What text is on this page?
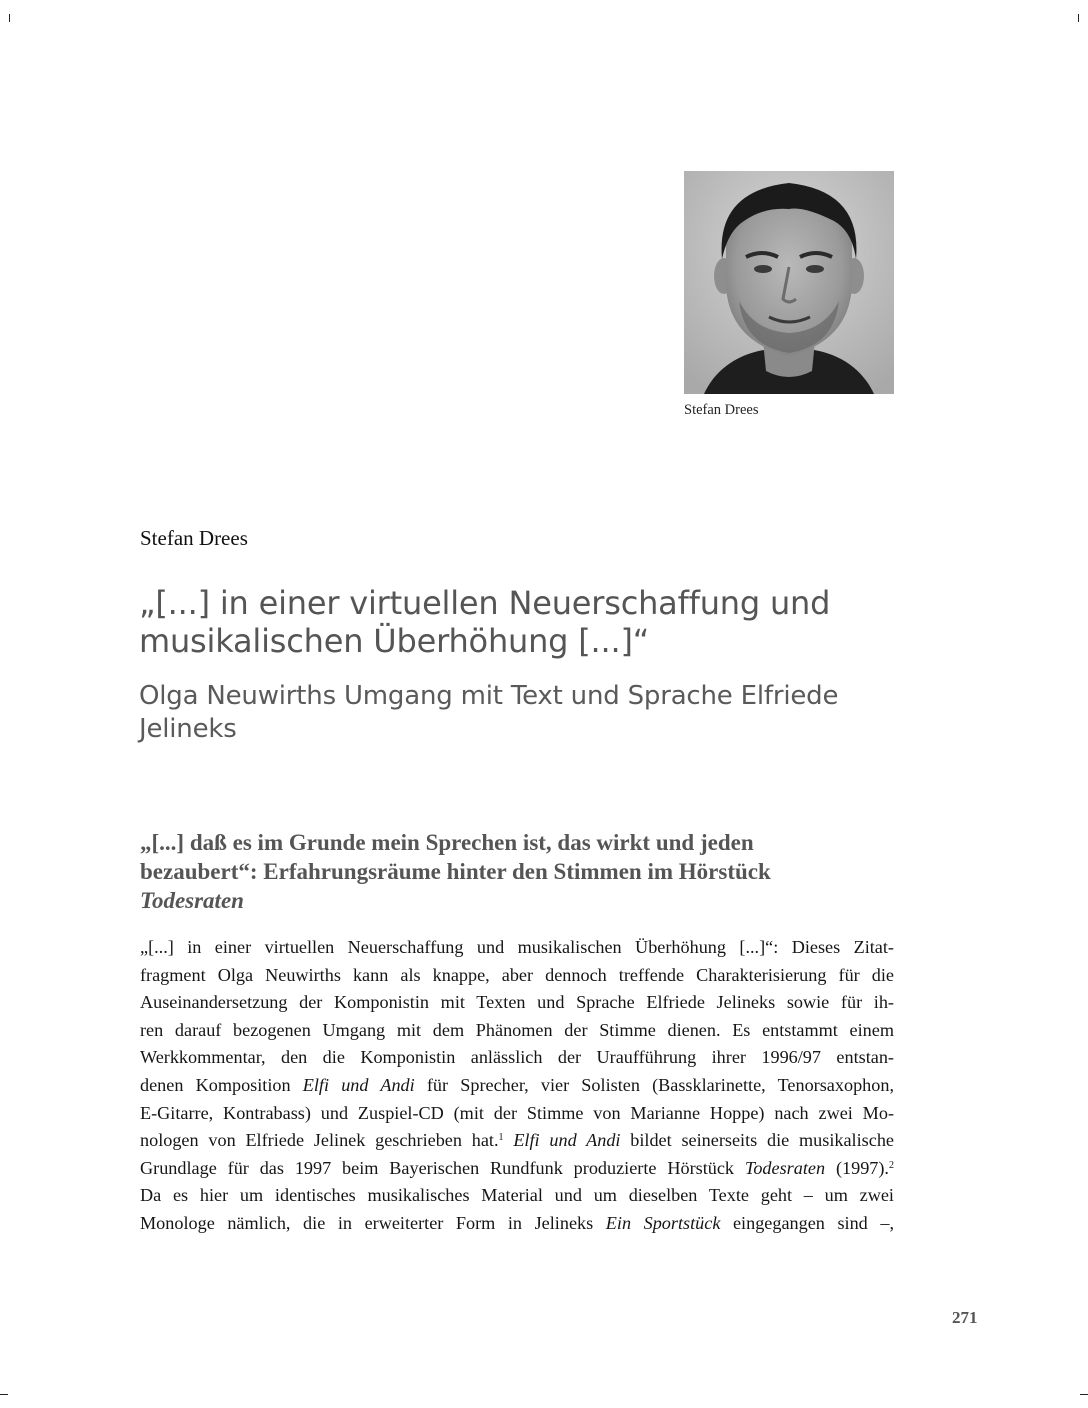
Stefan Drees
Stefan Drees
„[...] in einer virtuellen Neuerschaffung und
musikalischen Überhöhung [...]“
Olga Neuwirths Umgang mit Text und Sprache Elfriede
Jelineks
„[...] daß es im Grunde mein Sprechen ist, das wirkt und jeden
bezaubert“: Erfahrungsräume hinter den Stimmen im Hörstück
Todesraten

„[...] in einer virtuellen Neuerschaffung und musikalischen Überhöhung [...]“: Dieses Zitat-
fragment Olga Neuwirths kann als knappe, aber dennoch treffende Charakterisierung für die
Auseinandersetzung der Komponistin mit Texten und Sprache Elfriede Jelineks sowie für ih-
ren darauf bezogenen Umgang mit dem Phänomen der Stimme dienen. Es entstammt einem
Werkkommentar, den die Komponistin anlässlich der Uraufführung ihrer 1996/97 entstan-
denen Komposition Elfi und Andi für Sprecher, vier Solisten (Bassklarinette, Tenorsaxophon,
E-Gitarre, Kontrabass) und Zuspiel-CD (mit der Stimme von Marianne Hoppe) nach zwei Mo-
nologen von Elfriede Jelinek geschrieben hat.$^1$ Elfi und Andi bildet seinerseits die musikalische
Grundlage für das 1997 beim Bayerischen Rundfunk produzierte Hörstück Todesraten (1997).$^2$
Da es hier um identisches musikalisches Material und um dieselben Texte geht – um zwei
Monologe nämlich, die in erweiterter Form in Jelineks Ein Sportstück eingegangen sind –,

271
